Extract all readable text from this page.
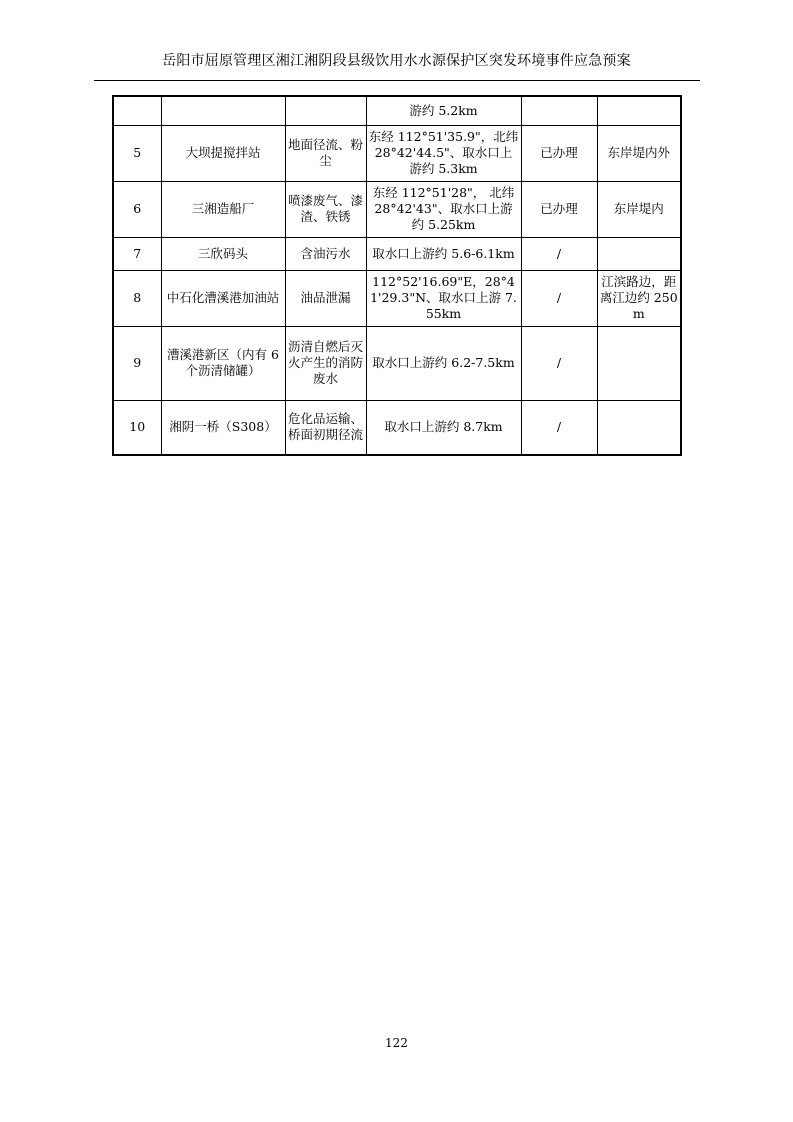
岳阳市屈原管理区湘江湘阴段县级饮用水水源保护区突发环境事件应急预案
			游约 5.2km		
5	大坝提搅拌站	地面径流、粉尘	东经 112°51'35.9"，北纬 28°42'44.5"、取水口上游约 5.3km	已办理	东岸堤内外
6	三湘造船厂	喷漆废气、漆渣、铁锈	东经 112°51'28"， 北纬 28°42'43"、取水口上游约 5.25km	已办理	东岸堤内
7	三欣码头	含油污水	取水口上游约 5.6-6.1km	/	
8	中石化漕溪港加油站	油品泄漏	112°52'16.69"E，28°41'29.3"N、取水口上游 7.55km	/	江滨路边，距离江边约 250m
9	漕溪港新区（内有 6 个沥清储罐）	沥清自燃后灭火产生的消防废水	取水口上游约 6.2-7.5km	/	
10	湘阴一桥（S308）	危化品运输、桥面初期径流	取水口上游约 8.7km	/	
122
